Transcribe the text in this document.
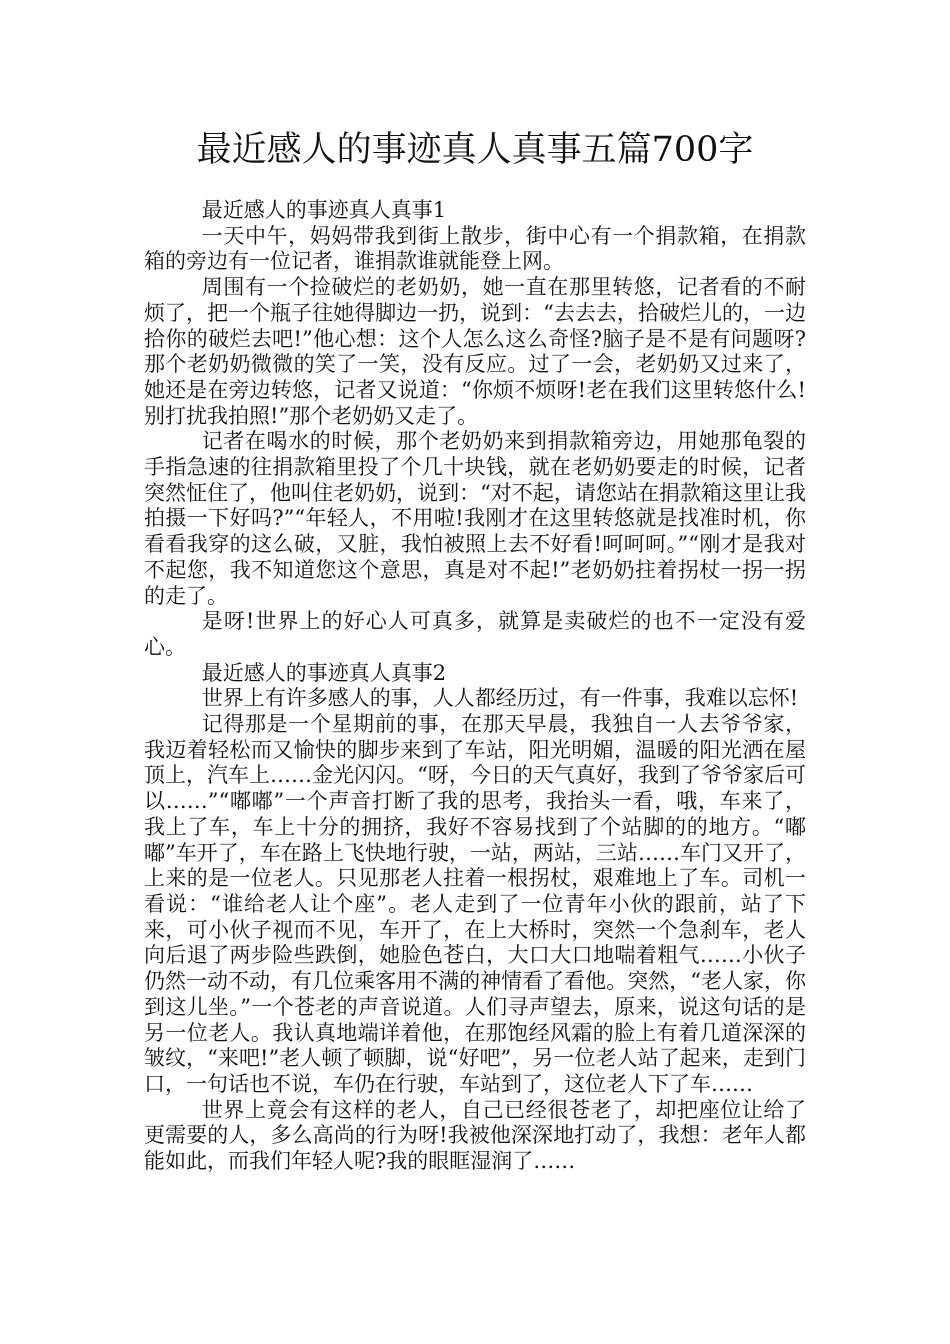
最近感人的事迹真人真事五篇700字

最近感人的事迹真人真事1

一天中午，妈妈带我到街上散步，街中心有一个捐款箱，在捐款箱的旁边有一位记者，谁捐款谁就能登上网。

周围有一个捡破烂的老奶奶，她一直在那里转悠，记者看的不耐烦了，把一个瓶子往她得脚边一扔，说到：“去去去，拾破烂儿的，一边拾你的破烂去吧!”他心想：这个人怎么这么奇怪?脑子是不是有问题呀?那个老奶奶微微的笑了一笑，没有反应。过了一会，老奶奶又过来了，她还是在旁边转悠，记者又说道：“你烦不烦呀!老在我们这里转悠什么!别打扰我拍照!”那个老奶奶又走了。

记者在喝水的时候，那个老奶奶来到捐款箱旁边，用她那龟裂的手指急速的往捐款箱里投了个几十块钱，就在老奶奶要走的时候，记者突然怔住了，他叫住老奶奶，说到：“对不起，请您站在捐款箱这里让我拍摄一下好吗?”“年轻人，不用啦!我刚才在这里转悠就是找准时机，你看看我穿的这么破，又脏，我怕被照上去不好看!呵呵呵。”“刚才是我对不起您，我不知道您这个意思，真是对不起!”老奶奶拄着拐杖一拐一拐的走了。

是呀!世界上的好心人可真多，就算是卖破烂的也不一定没有爱心。

最近感人的事迹真人真事2

世界上有许多感人的事，人人都经历过，有一件事，我难以忘怀!

记得那是一个星期前的事，在那天早晨，我独自一人去爷爷家，我迈着轻松而又愉快的脚步来到了车站，阳光明媚，温暖的阳光洒在屋顶上，汽车上……金光闪闪。“呀，今日的天气真好，我到了爷爷家后可以……”“嘟嘟”一个声音打断了我的思考，我抬头一看，哦，车来了，我上了车，车上十分的拥挤，我好不容易找到了个站脚的的地方。“嘟嘟”车开了，车在路上飞快地行驶，一站，两站，三站……车门又开了，上来的是一位老人。只见那老人拄着一根拐杖，艰难地上了车。司机一看说：“谁给老人让个座”。老人走到了一位青年小伙的跟前，站了下来，可小伙子视而不见，车开了，在上大桥时，突然一个急刹车，老人向后退了两步险些跌倒，她脸色苍白，大口大口地喘着粗气……小伙子仍然一动不动，有几位乘客用不满的神情看了看他。突然，“老人家，你到这儿坐。”一个苍老的声音说道。人们寻声望去，原来，说这句话的是另一位老人。我认真地端详着他，在那饱经风霜的脸上有着几道深深的皱纹，“来吧!”老人顿了顿脚，说“好吧”，另一位老人站了起来，走到门口，一句话也不说，车仍在行驶，车站到了，这位老人下了车……

世界上竟会有这样的老人，自己已经很苍老了，却把座位让给了更需要的人，多么高尚的行为呀!我被他深深地打动了，我想：老年人都能如此，而我们年轻人呢?我的眼眶湿润了……
